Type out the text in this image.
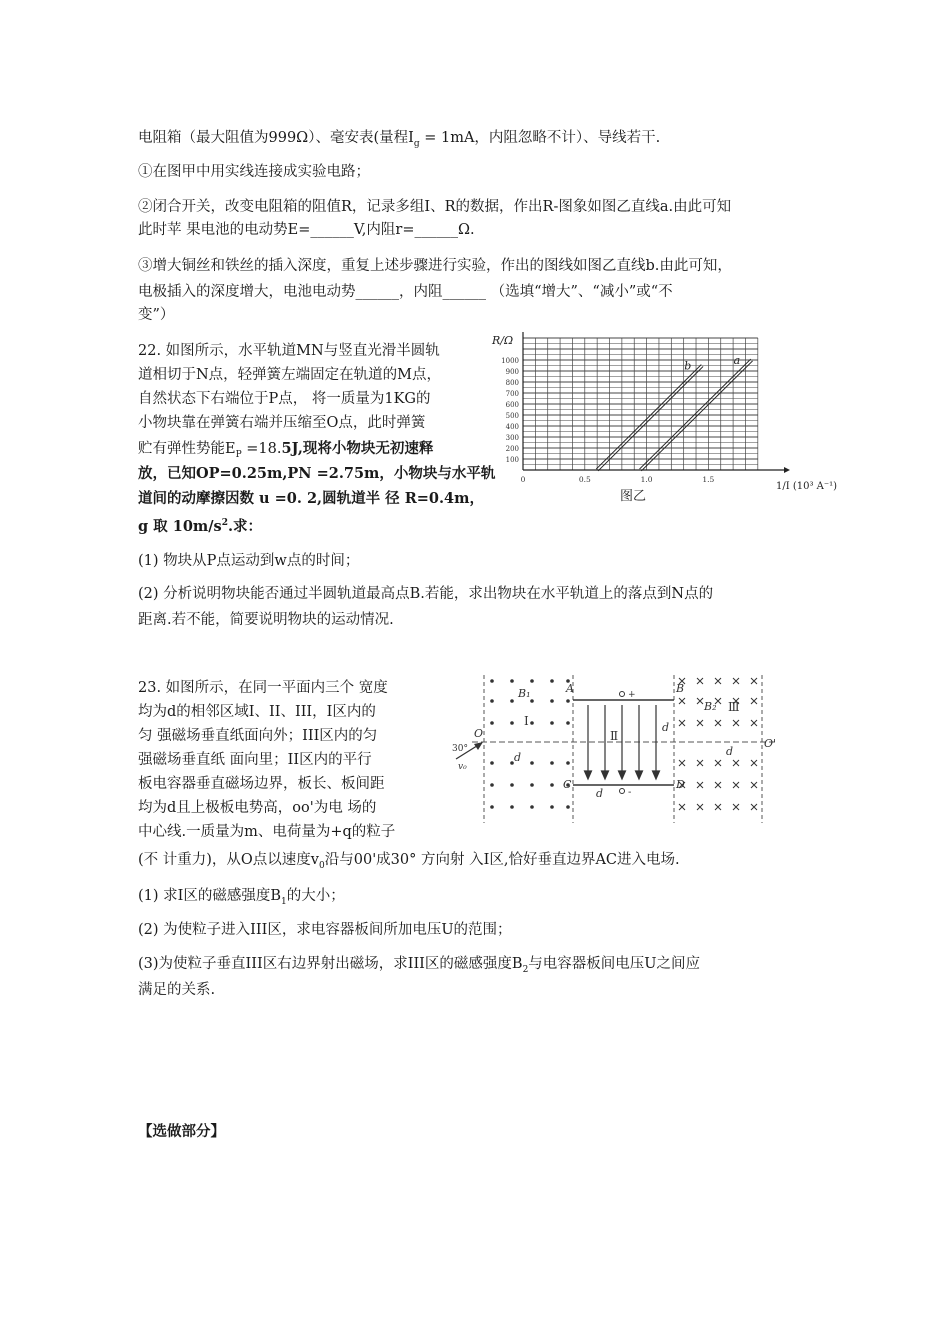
电阻箱（最大阻值为999Ω）、毫安表(量程$I_g = 1mA$，内阻忽略不计）、导线若干.
①在图甲中用实线连接成实验电路；
②闭合开关，改变电阻箱的阻值R，记录多组I、R的数据，作出R-图象如图乙直线a.由此可知
此时苹 果电池的电动势E=______V,内阻r=______Ω.
③增大铜丝和铁丝的插入深度，重复上述步骤进行实验，作出的图线如图乙直线b.由此可知，
电极插入的深度增大，电池电动势______，内阻______ （选填“增大”、“减小”或“不
变”）
22. 如图所示，水平轨道MN与竖直光滑半圆轨
道相切于N点，轻弹簧左端固定在轨道的M点，
自然状态下右端位于P点， 将一质量为1KG的
小物块靠在弹簧右端并压缩至O点，此时弹簧
贮有弹性势能$E_P =18.5J$,现将小物块无初速释
放，已知OP=0.25m,PN =2.75m，小物块与水平轨
道间的动摩擦因数 u =0. 2,圆轨道半 径 R=0.4m，
g 取 $10m/s^2$.求：
(1) 物块从P点运动到w点的时间；
(2) 分析说明物块能否通过半圆轨道最高点B.若能，求出物块在水平轨道上的落点到N点的
距离.若不能，简要说明物块的运动情况.
23. 如图所示，在同一平面内三个 宽度
均为d的相邻区域I、II、III，I区内的
匀 强磁场垂直纸面向外；III区内的匀
强磁场垂直纸 面向里；II区内的平行
板电容器垂直磁场边界，板长、板间距
均为d且上极板电势高，oo'为电 场的
中心线.一质量为m、电荷量为+q的粒子
(不 计重力)，从O点以速度$v_0$沿与00'成30° 方向射 入I区,恰好垂直边界AC进入电场.
(1) 求I区的磁感强度$B_1$的大小；
(2) 为使粒子进入III区，求电容器板间所加电压U的范围；
(3)为使粒子垂直III区右边界射出磁场，求III区的磁感强度$B_2$与电容器板间电压U之间应
满足的关系.
【选做部分】
100
200
300
400
500
600
700
800
900
1000
0	0.5	1.0	1.5
a
b
R/Ω
1/I (10³ A⁻¹)
图乙
+
-
B₁	A	B
B₂
Ⅰ
Ⅱ
Ⅲ
O
O'
30°
v₀
d
d
d
d
C	D
